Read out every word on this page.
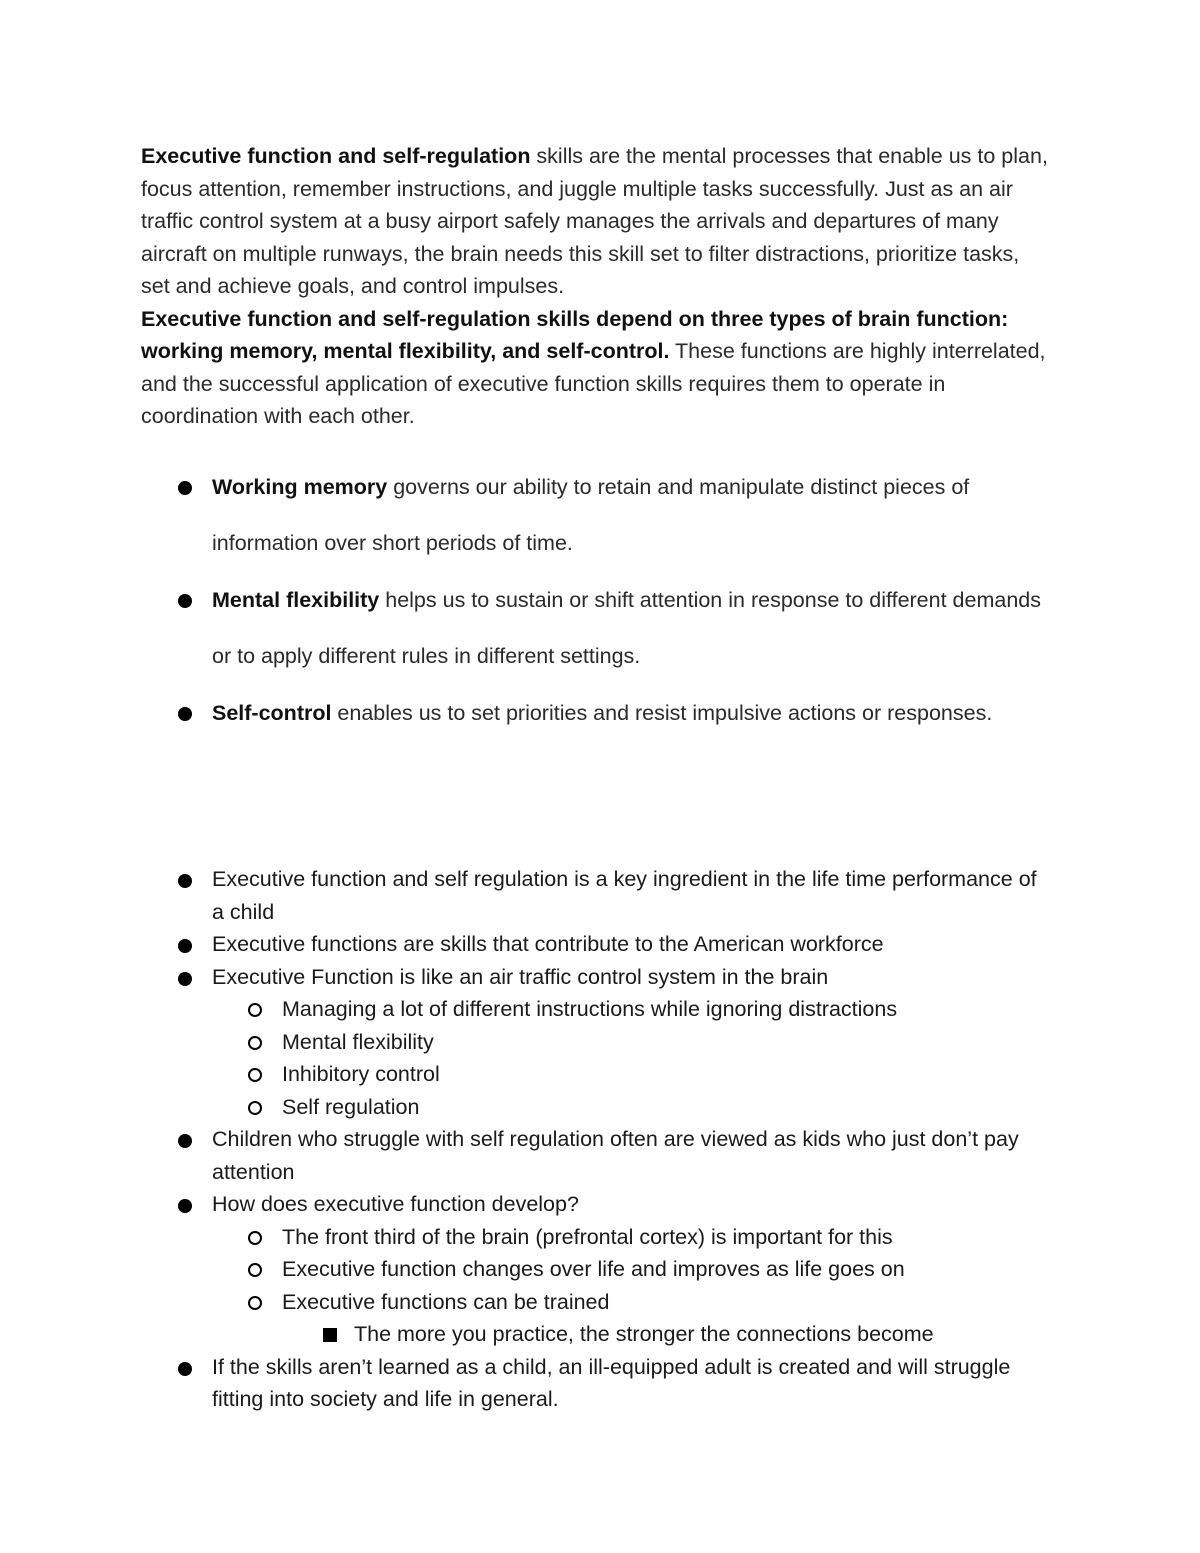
Executive function and self-regulation skills are the mental processes that enable us to plan, focus attention, remember instructions, and juggle multiple tasks successfully. Just as an air traffic control system at a busy airport safely manages the arrivals and departures of many aircraft on multiple runways, the brain needs this skill set to filter distractions, prioritize tasks, set and achieve goals, and control impulses.

Executive function and self-regulation skills depend on three types of brain function: working memory, mental flexibility, and self-control. These functions are highly interrelated, and the successful application of executive function skills requires them to operate in coordination with each other.

Working memory governs our ability to retain and manipulate distinct pieces of information over short periods of time.
Mental flexibility helps us to sustain or shift attention in response to different demands or to apply different rules in different settings.
Self-control enables us to set priorities and resist impulsive actions or responses.
Executive function and self regulation is a key ingredient in the life time performance of a child
Executive functions are skills that contribute to the American workforce
Executive Function is like an air traffic control system in the brain
Managing a lot of different instructions while ignoring distractions
Mental flexibility
Inhibitory control
Self regulation
Children who struggle with self regulation often are viewed as kids who just don’t pay attention
How does executive function develop?
The front third of the brain (prefrontal cortex) is important for this
Executive function changes over life and improves as life goes on
Executive functions can be trained
The more you practice, the stronger the connections become
If the skills aren’t learned as a child, an ill-equipped adult is created and will struggle fitting into society and life in general.
